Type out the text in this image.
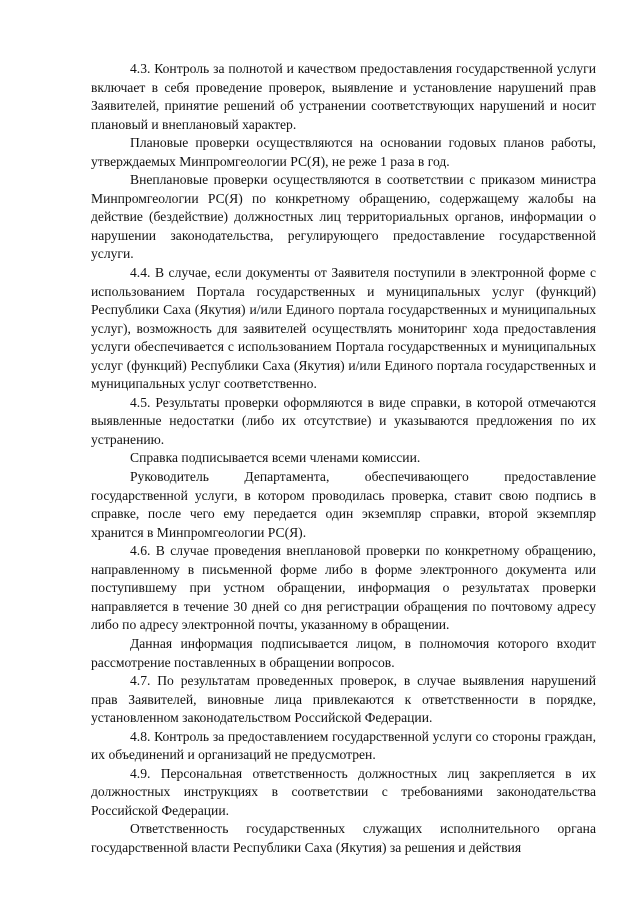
4.3. Контроль за полнотой и качеством предоставления государственной услуги включает в себя проведение проверок, выявление и установление нарушений прав Заявителей, принятие решений об устранении соответствующих нарушений и носит плановый и внеплановый характер.

Плановые проверки осуществляются на основании годовых планов работы, утверждаемых Минпромгеологии РС(Я), не реже 1 раза в год.

Внеплановые проверки осуществляются в соответствии с приказом министра Минпромгеологии РС(Я) по конкретному обращению, содержащему жалобы на действие (бездействие) должностных лиц территориальных органов, информации о нарушении законодательства, регулирующего предоставление государственной услуги.

4.4. В случае, если документы от Заявителя поступили в электронной форме с использованием Портала государственных и муниципальных услуг (функций) Республики Саха (Якутия) и/или Единого портала государственных и муниципальных услуг), возможность для заявителей осуществлять мониторинг хода предоставления услуги обеспечивается с использованием Портала государственных и муниципальных услуг (функций) Республики Саха (Якутия) и/или Единого портала государственных и муниципальных услуг соответственно.

4.5. Результаты проверки оформляются в виде справки, в которой отмечаются выявленные недостатки (либо их отсутствие) и указываются предложения по их устранению.

Справка подписывается всеми членами комиссии.

Руководитель Департамента, обеспечивающего предоставление государственной услуги, в котором проводилась проверка, ставит свою подпись в справке, после чего ему передается один экземпляр справки, второй экземпляр хранится в Минпромгеологии РС(Я).

4.6. В случае проведения внеплановой проверки по конкретному обращению, направленному в письменной форме либо в форме электронного документа или поступившему при устном обращении, информация о результатах проверки направляется в течение 30 дней со дня регистрации обращения по почтовому адресу либо по адресу электронной почты, указанному в обращении.

Данная информация подписывается лицом, в полномочия которого входит рассмотрение поставленных в обращении вопросов.

4.7. По результатам проведенных проверок, в случае выявления нарушений прав Заявителей, виновные лица привлекаются к ответственности в порядке, установленном законодательством Российской Федерации.

4.8. Контроль за предоставлением государственной услуги со стороны граждан, их объединений и организаций не предусмотрен.

4.9. Персональная ответственность должностных лиц закрепляется в их должностных инструкциях в соответствии с требованиями законодательства Российской Федерации.

Ответственность государственных служащих исполнительного органа государственной власти Республики Саха (Якутия) за решения и действия
